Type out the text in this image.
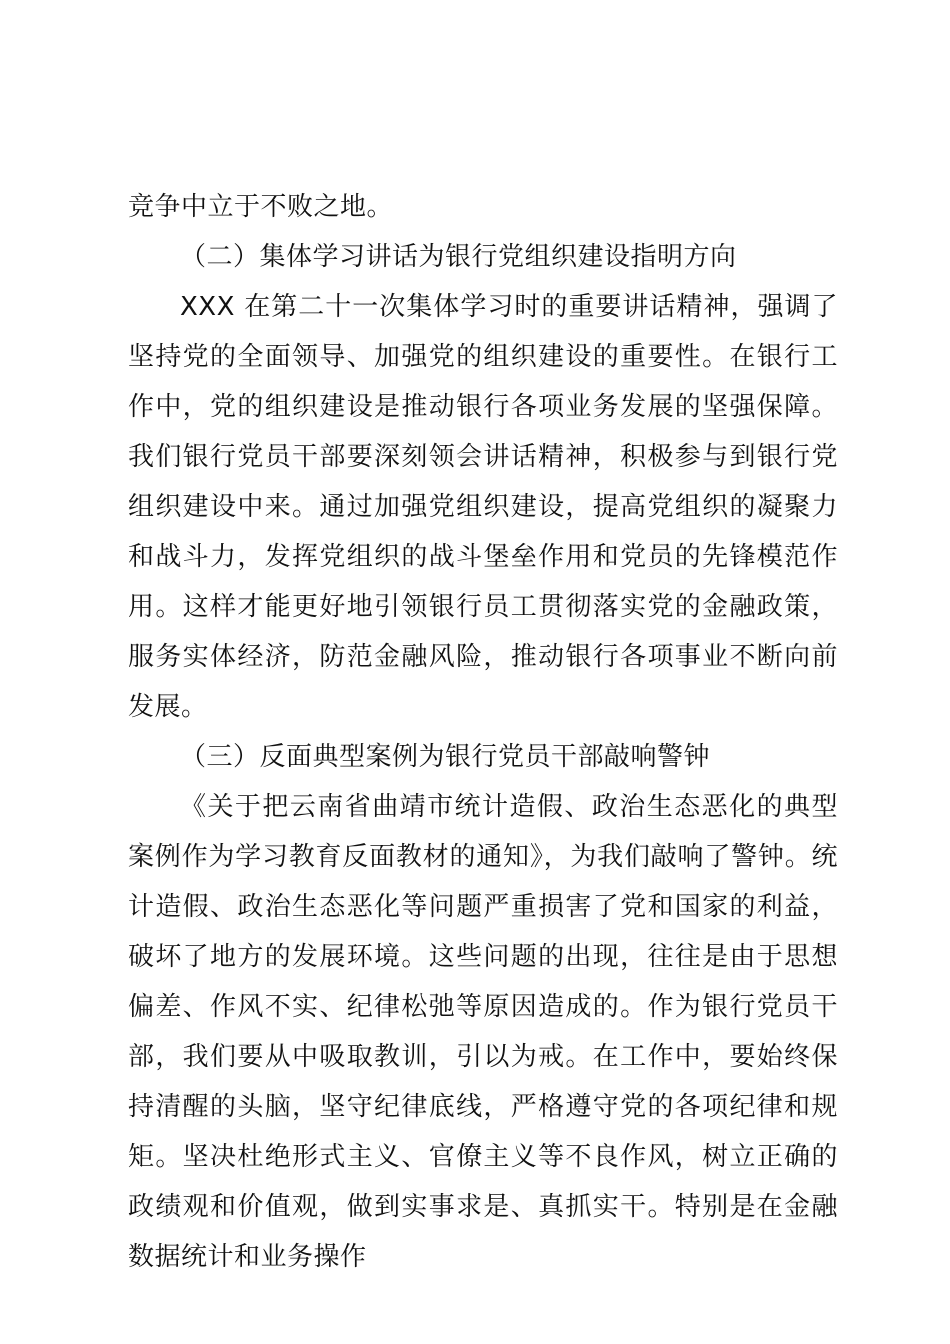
竞争中立于不败之地。

（二）集体学习讲话为银行党组织建设指明方向

XXX 在第二十一次集体学习时的重要讲话精神，强调了坚持党的全面领导、加强党的组织建设的重要性。在银行工作中，党的组织建设是推动银行各项业务发展的坚强保障。我们银行党员干部要深刻领会讲话精神，积极参与到银行党组织建设中来。通过加强党组织建设，提高党组织的凝聚力和战斗力，发挥党组织的战斗堡垒作用和党员的先锋模范作用。这样才能更好地引领银行员工贯彻落实党的金融政策，服务实体经济，防范金融风险，推动银行各项事业不断向前发展。

（三）反面典型案例为银行党员干部敲响警钟

《关于把云南省曲靖市统计造假、政治生态恶化的典型案例作为学习教育反面教材的通知》，为我们敲响了警钟。统计造假、政治生态恶化等问题严重损害了党和国家的利益，破坏了地方的发展环境。这些问题的出现，往往是由于思想偏差、作风不实、纪律松弛等原因造成的。作为银行党员干部，我们要从中吸取教训，引以为戒。在工作中，要始终保持清醒的头脑，坚守纪律底线，严格遵守党的各项纪律和规矩。坚决杜绝形式主义、官僚主义等不良作风，树立正确的政绩观和价值观，做到实事求是、真抓实干。特别是在金融数据统计和业务操作
